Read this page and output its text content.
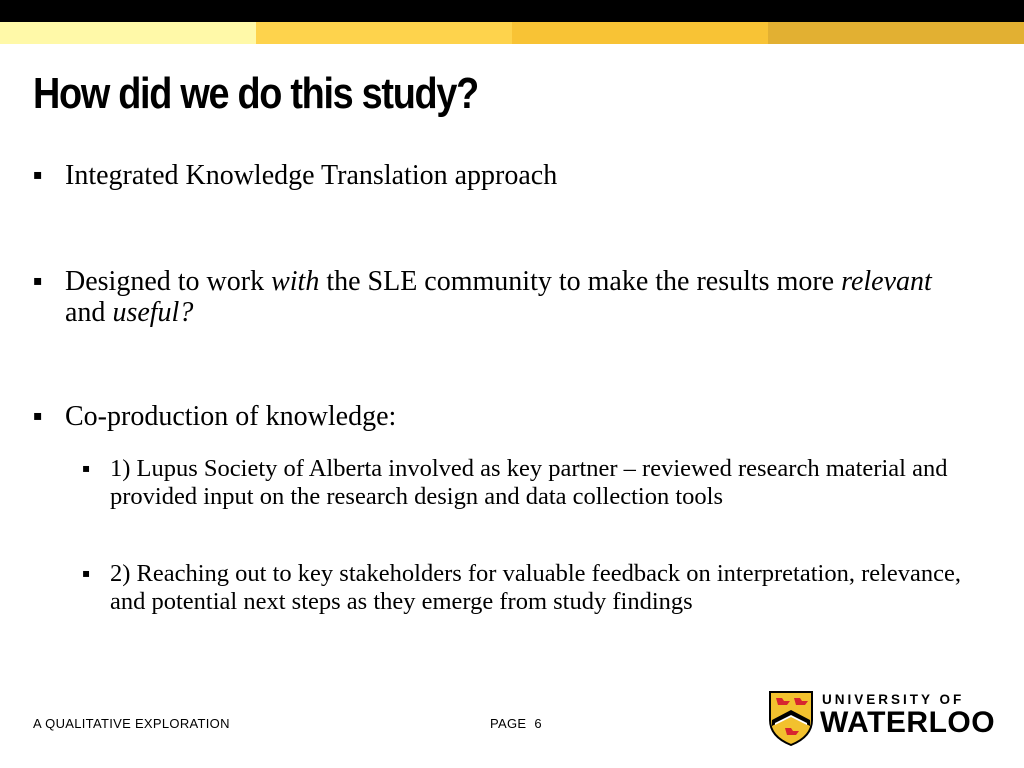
How did we do this study?
▪ Integrated Knowledge Translation approach
▪ Designed to work with the SLE community to make the results more relevant and useful?
▪ Co-production of knowledge:
▪ 1) Lupus Society of Alberta involved as key partner – reviewed research material and provided input on the research design and data collection tools
▪ 2) Reaching out to key stakeholders for valuable feedback on interpretation, relevance, and potential next steps as they emerge from study findings
A QUALITATIVE EXPLORATION	PAGE 6
UNIVERSITY OF
WATERLOO
